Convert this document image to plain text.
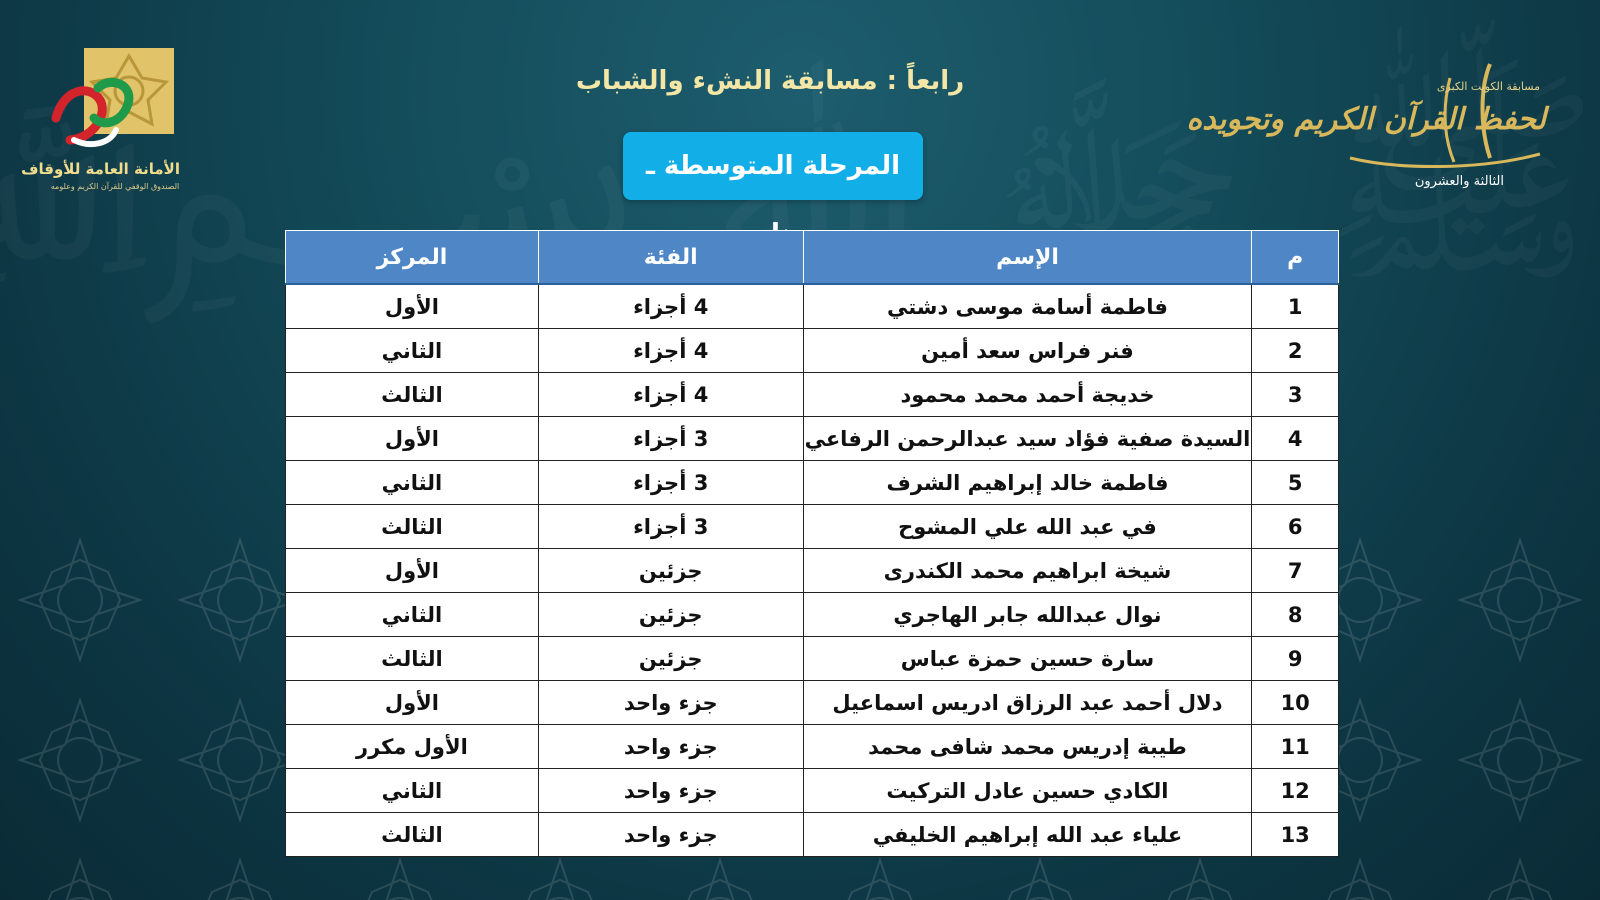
الأمانة العامة للأوقاف
الصندوق الوقفي للقرآن الكريم وعلومه
مسابقة الكويت الكبرى
لحفظ القرآن الكريم وتجويده
الثالثة والعشرون
رابعاً : مسابقة النشء والشباب
المرحلة المتوسطة ـ
م	الإسم	الفئة	المركز
1	فاطمة أسامة موسى دشتي	4 أجزاء	الأول
2	فنر فراس سعد أمين	4 أجزاء	الثاني
3	خديجة أحمد محمد محمود	4 أجزاء	الثالث
4	السيدة صفية فؤاد سيد عبدالرحمن الرفاعي	3 أجزاء	الأول
5	فاطمة خالد إبراهيم الشرف	3 أجزاء	الثاني
6	في عبد الله علي المشوح	3 أجزاء	الثالث
7	شيخة ابراهيم محمد الكندرى	جزئين	الأول
8	نوال عبدالله جابر الهاجري	جزئين	الثاني
9	سارة حسين حمزة عباس	جزئين	الثالث
10	دلال أحمد عبد الرزاق ادريس اسماعيل	جزء واحد	الأول
11	طيبة إدريس محمد شافى محمد	جزء واحد	الأول مكرر
12	الكادي حسين عادل التركيت	جزء واحد	الثاني
13	علياء عبد الله إبراهيم الخليفي	جزء واحد	الثالث
